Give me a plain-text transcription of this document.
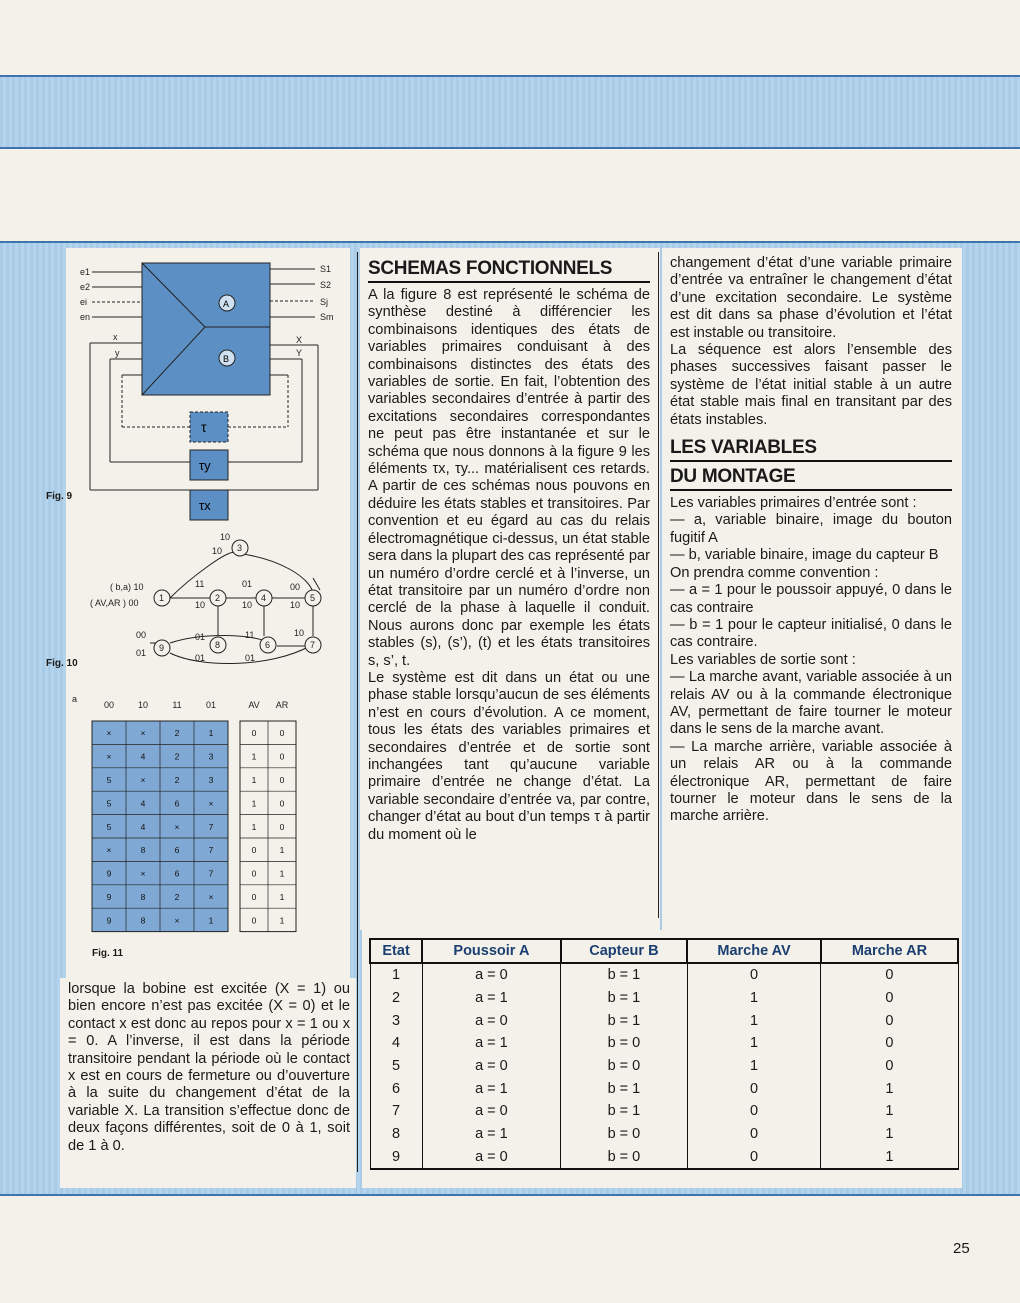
e1
e2
ei
en
S1
S2
Sj
Sm
x
y
X
Y
A
B
τ
τy
τx
Fig. 9
( b,a) 10
( AV,AR ) 00
10
10
11	01	00
10	10	10
00
01
01	11	10
01	01
1	2
3
4	5
6	7
8
9
Fig. 10
a
00	10	11	01	AV AR
×	×	2	1	0	0
×	4	2	3	1	0
5	×	2	3	1	0
5	4	6	×	1	0
5	4	×	7	1	0
×	8	6	7	0	1
9	×	6	7	0	1
9	8	2	×	0	1
9	8	×	1	0	1
Fig. 11

lorsque la bobine est excitée (X = 1) ou bien encore n’est pas excitée (X = 0) et le contact x est donc au repos pour x = 1 ou x = 0. A l’inverse, il est dans la période transitoire pendant la période où le contact x est en cours de fermeture ou d’ouverture à la suite du changement d’état de la variable X. La transition s’effectue donc de deux façons différentes, soit de 0 à 1, soit de 1 à 0.

SCHEMAS FONCTIONNELS

A la figure 8 est représenté le schéma de synthèse destiné à différencier les combinaisons identiques des états de variables primaires conduisant à des combinaisons distinctes des états des variables de sortie. En fait, l’obtention des variables secondaires d’entrée à partir des excitations secondaires correspondantes ne peut pas être instantanée et sur le schéma que nous donnons à la figure 9 les éléments τx, τy... matérialisent ces retards. A partir de ces schémas nous pouvons en déduire les états stables et transitoires. Par convention et eu égard au cas du relais électromagnétique ci-dessus, un état stable sera dans la plupart des cas représenté par un numéro d’ordre cerclé et à l’inverse, un état transitoire par un numéro d’ordre non cerclé de la phase à laquelle il conduit. Nous aurons donc par exemple les états stables (s), (s’), (t) et les états transitoires s, s’, t.

Le système est dit dans un état ou une phase stable lorsqu’aucun de ses éléments n’est en cours d’évolution. A ce moment, tous les états des variables primaires et secondaires d’entrée et de sortie sont inchangées tant qu’aucune variable primaire d’entrée ne change d’état. La variable secondaire d’entrée va, par contre, changer d’état au bout d’un temps τ à partir du moment où le

changement d’état d’une variable primaire d’entrée va entraîner le changement d’état d’une excitation secondaire. Le système est dit dans sa phase d’évolution et l’état est instable ou transitoire.

La séquence est alors l’ensemble des phases successives faisant passer le système de l’état initial stable à un autre état stable mais final en transitant par des états instables.

LES VARIABLES
DU MONTAGE

Les variables primaires d’entrée sont :

— a, variable binaire, image du bouton fugitif A

— b, variable binaire, image du capteur B

On prendra comme convention :

— a = 1 pour le poussoir appuyé, 0 dans le cas contraire

— b = 1 pour le capteur initialisé, 0 dans le cas contraire.

Les variables de sortie sont :

— La marche avant, variable associée à un relais AV ou à la commande électronique AV, permettant de faire tourner le moteur dans le sens de la marche avant.

— La marche arrière, variable associée à un relais AR ou à la commande électronique AR, permettant de faire tourner le moteur dans le sens de la marche arrière.

Etat	Poussoir A	Capteur B	Marche AV	Marche AR
1	a = 0	b = 1	0	0
2	a = 1	b = 1	1	0
3	a = 0	b = 1	1	0
4	a = 1	b = 0	1	0
5	a = 0	b = 0	1	0
6	a = 1	b = 1	0	1
7	a = 0	b = 1	0	1
8	a = 1	b = 0	0	1
9	a = 0	b = 0	0	1
25
